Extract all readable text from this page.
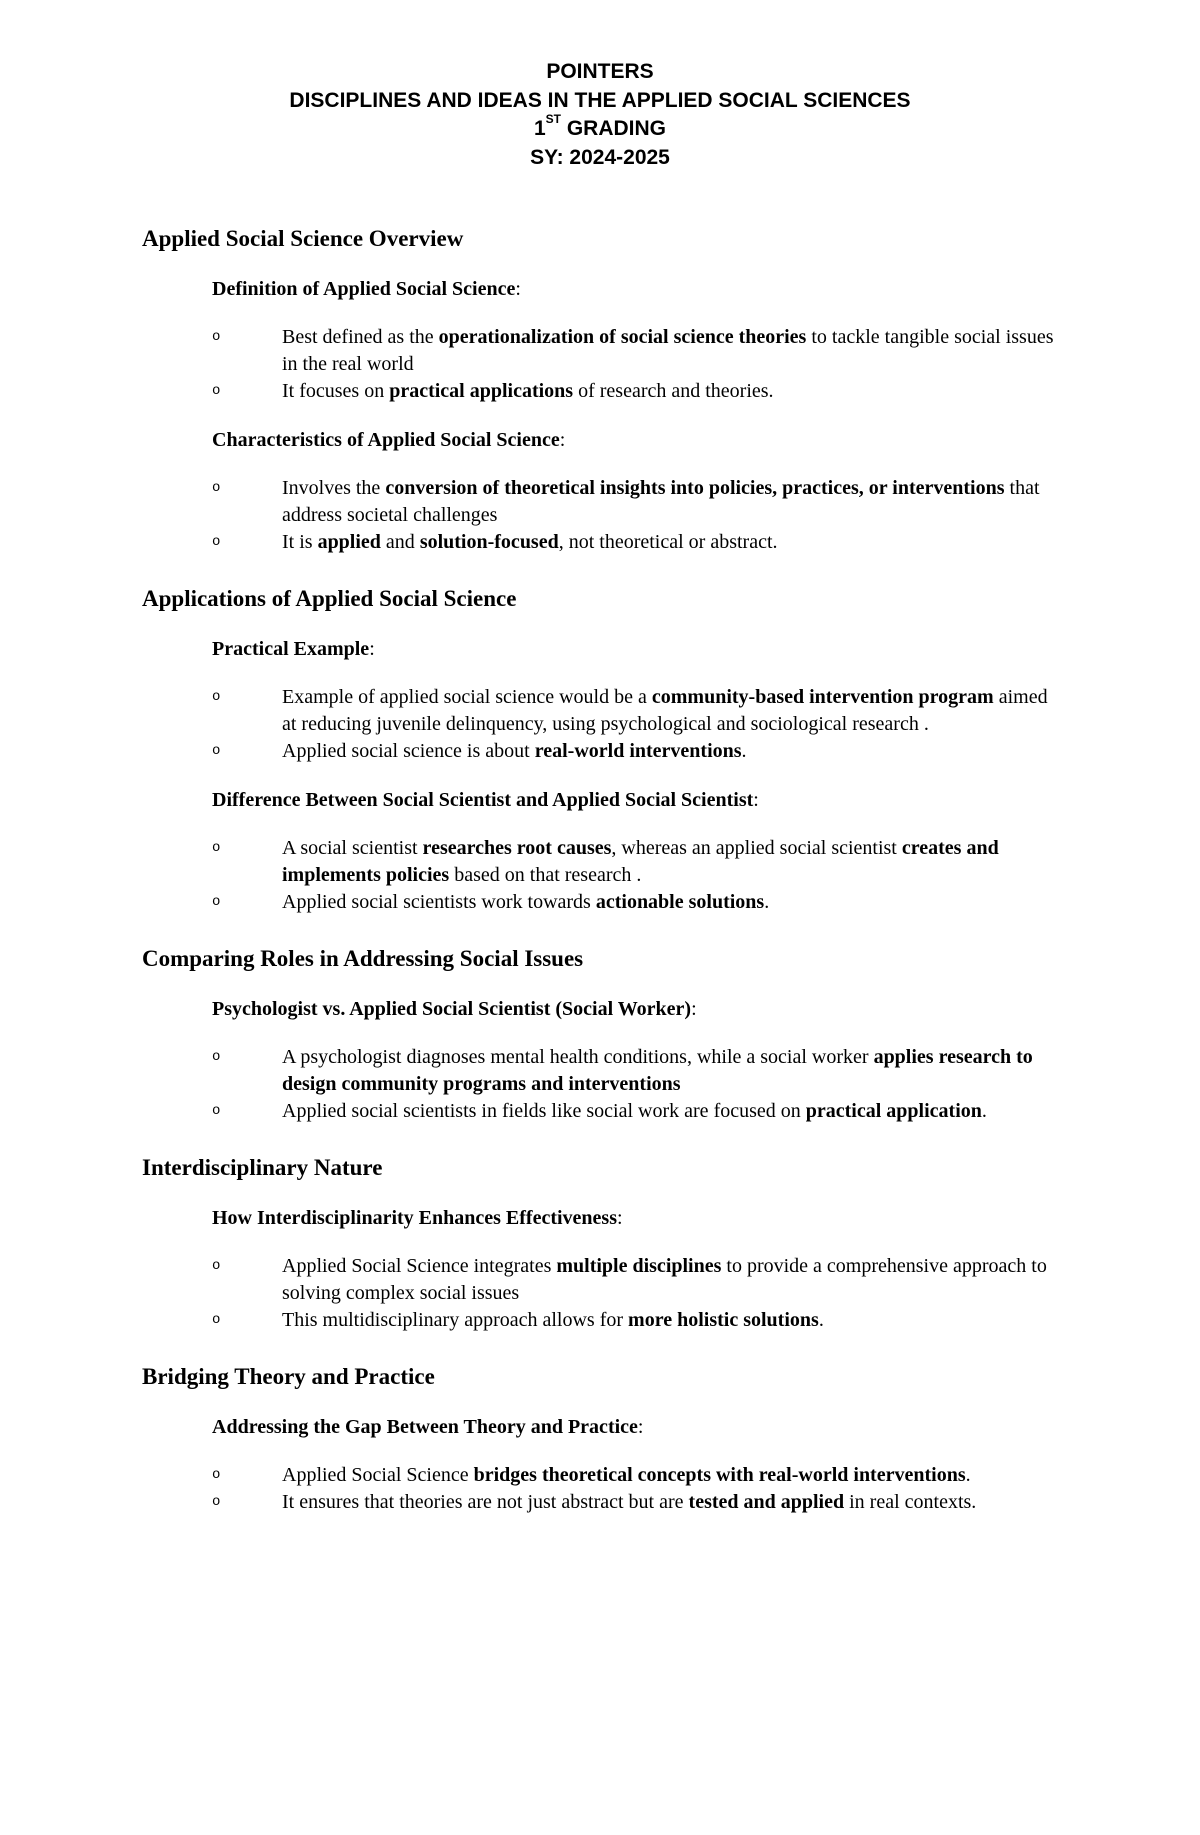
POINTERS
DISCIPLINES AND IDEAS IN THE APPLIED SOCIAL SCIENCES
1ST GRADING
SY: 2024-2025
Applied Social Science Overview
Definition of Applied Social Science:
o	Best defined as the operationalization of social science theories to tackle tangible social issues in the real world
o	It focuses on practical applications of research and theories.
Characteristics of Applied Social Science:
o	Involves the conversion of theoretical insights into policies, practices, or interventions that address societal challenges
o	It is applied and solution-focused, not theoretical or abstract.
Applications of Applied Social Science
Practical Example:
o	Example of applied social science would be a community-based intervention program aimed at reducing juvenile delinquency, using psychological and sociological research .
o	Applied social science is about real-world interventions.
Difference Between Social Scientist and Applied Social Scientist:
o	A social scientist researches root causes, whereas an applied social scientist creates and implements policies based on that research .
o	Applied social scientists work towards actionable solutions.
Comparing Roles in Addressing Social Issues
Psychologist vs. Applied Social Scientist (Social Worker):
o	A psychologist diagnoses mental health conditions, while a social worker applies research to design community programs and interventions
o	Applied social scientists in fields like social work are focused on practical application.
Interdisciplinary Nature
How Interdisciplinarity Enhances Effectiveness:
o	Applied Social Science integrates multiple disciplines to provide a comprehensive approach to solving complex social issues
o	This multidisciplinary approach allows for more holistic solutions.
Bridging Theory and Practice
Addressing the Gap Between Theory and Practice:
o	Applied Social Science bridges theoretical concepts with real-world interventions.
o	It ensures that theories are not just abstract but are tested and applied in real contexts.
